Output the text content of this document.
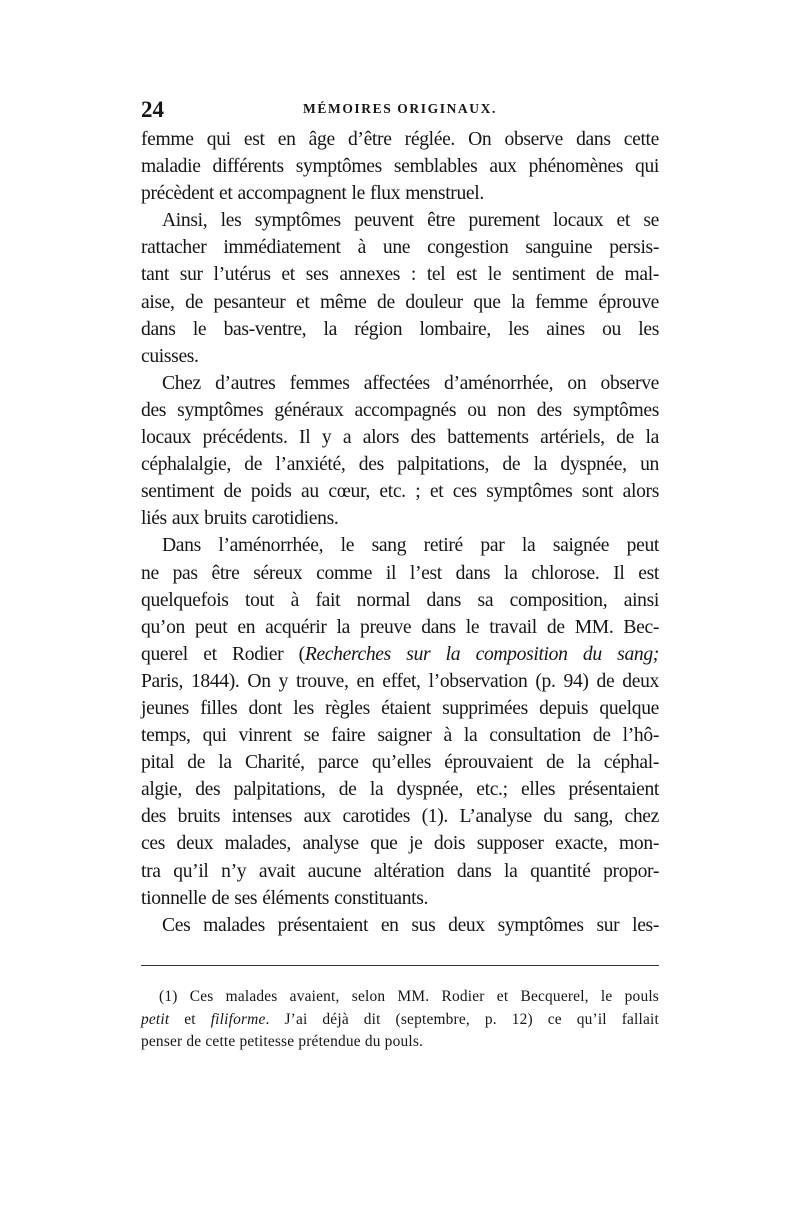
24	MÉMOIRES ORIGINAUX.
femme qui est en âge d’être réglée. On observe dans cette
maladie différents symptômes semblables aux phénomènes qui
précèdent et accompagnent le flux menstruel.
Ainsi, les symptômes peuvent être purement locaux et se
rattacher immédiatement à une congestion sanguine persis-
tant sur l’utérus et ses annexes : tel est le sentiment de mal-
aise, de pesanteur et même de douleur que la femme éprouve
dans le bas-ventre, la région lombaire, les aines ou les
cuisses.
Chez d’autres femmes affectées d’aménorrhée, on observe
des symptômes généraux accompagnés ou non des symptômes
locaux précédents. Il y a alors des battements artériels, de la
céphalalgie, de l’anxiété, des palpitations, de la dyspnée, un
sentiment de poids au cœur, etc. ; et ces symptômes sont alors
liés aux bruits carotidiens.
Dans l’aménorrhée, le sang retiré par la saignée peut
ne pas être séreux comme il l’est dans la chlorose. Il est
quelquefois tout à fait normal dans sa composition, ainsi
qu’on peut en acquérir la preuve dans le travail de MM. Bec-
querel et Rodier (Recherches sur la composition du sang;
Paris, 1844). On y trouve, en effet, l’observation (p. 94) de deux
jeunes filles dont les règles étaient supprimées depuis quelque
temps, qui vinrent se faire saigner à la consultation de l’hô-
pital de la Charité, parce qu’elles éprouvaient de la céphal-
algie, des palpitations, de la dyspnée, etc.; elles présentaient
des bruits intenses aux carotides (1). L’analyse du sang, chez
ces deux malades, analyse que je dois supposer exacte, mon-
tra qu’il n’y avait aucune altération dans la quantité propor-
tionnelle de ses éléments constituants.
Ces malades présentaient en sus deux symptômes sur les-
(1) Ces malades avaient, selon MM. Rodier et Becquerel, le pouls
petit et filiforme. J’ai déjà dit (septembre, p. 12) ce qu’il fallait
penser de cette petitesse prétendue du pouls.
